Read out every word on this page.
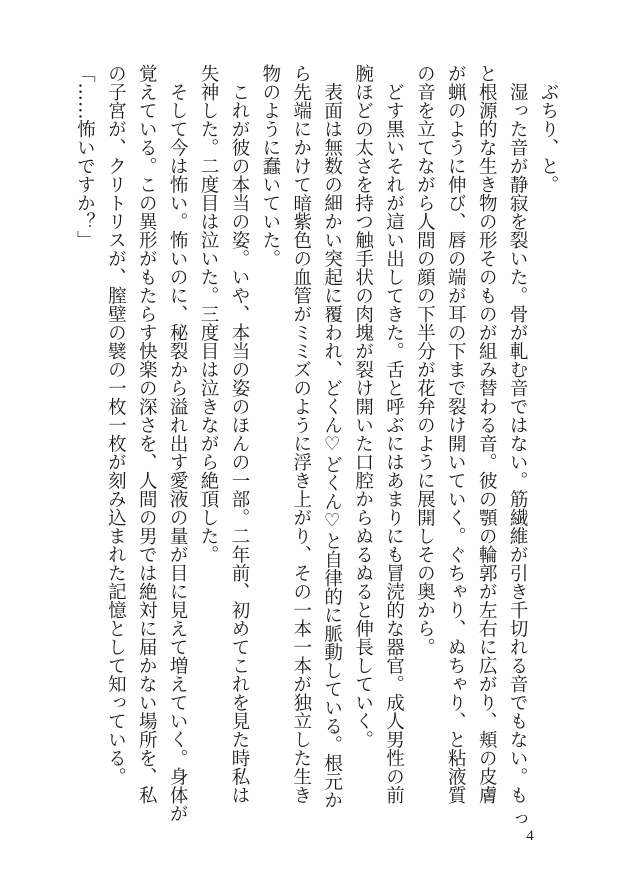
　ぶちり、と。
　湿った音が静寂を裂いた。骨が軋む音ではない。筋繊維が引き千切れる音でもない。も っ
と根源的な生き物の形そのものが組み替わる音。彼の顎の輪郭が左右に広がり、頬の皮膚
が蝋のように伸び、唇の端が耳の下まで裂け開いていく。ぐちゃり、ぬちゃり、と粘液質
の音を立てながら人間の顔の下半分が花弁のように展開しその奥から。
　どす黒いそれが這い出してきた。舌と呼ぶにはあまりにも冒涜的な器官。成人男性の前
腕ほどの太さを持つ触手状の肉塊が裂け開いた口腔からぬるぬると伸長していく。
　表面は無数の細かい突起に覆われ、どくん♡どくん♡と自律的に脈動している。根元か
ら先端にかけて暗紫色の血管がミミズのように浮き上がり、その一本一本が独立した生き
物のように蠢いていた。
　これが彼の本当の姿。いや、本当の姿のほんの一部。二年前、初めてこれを見た時私は
失神した。二度目は泣いた。三度目は泣きながら絶頂した。
　そして今は怖い。怖いのに、秘裂から溢れ出す愛液の量が目に見えて増えていく。身体が
覚えている。この異形がもたらす快楽の深さを、人間の男では絶対に届かない場所を、私
の子宮が、クリトリスが、膣壁の襞の一枚一枚が刻み込まれた記憶として知っている。
「……怖いですか？」
4
